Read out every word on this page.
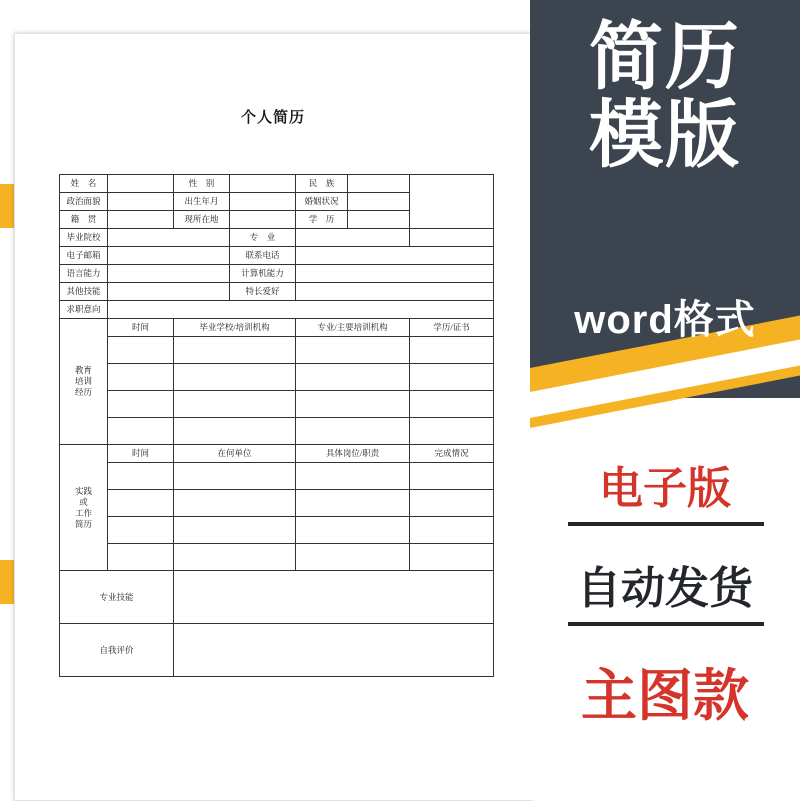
个人简历
姓　名		性　别		民　族		
政治面貌		出生年月		婚姻状况		
籍　贯		现所在地		学　历		
毕业院校			专　业			
电子邮箱			联系电话			
语言能力			计算机能力			
其他技能			特长爱好			
求职意向						
教育
培训
经历	时间	毕业学校/培训机构		专业/主要培训机构		学历/证书

实践
或
工作
简历	时间	在何单位		具体岗位/职责		完成情况

专业技能						
自我评价						
简历
模版
word格式
电子版
自动发货
主图款
